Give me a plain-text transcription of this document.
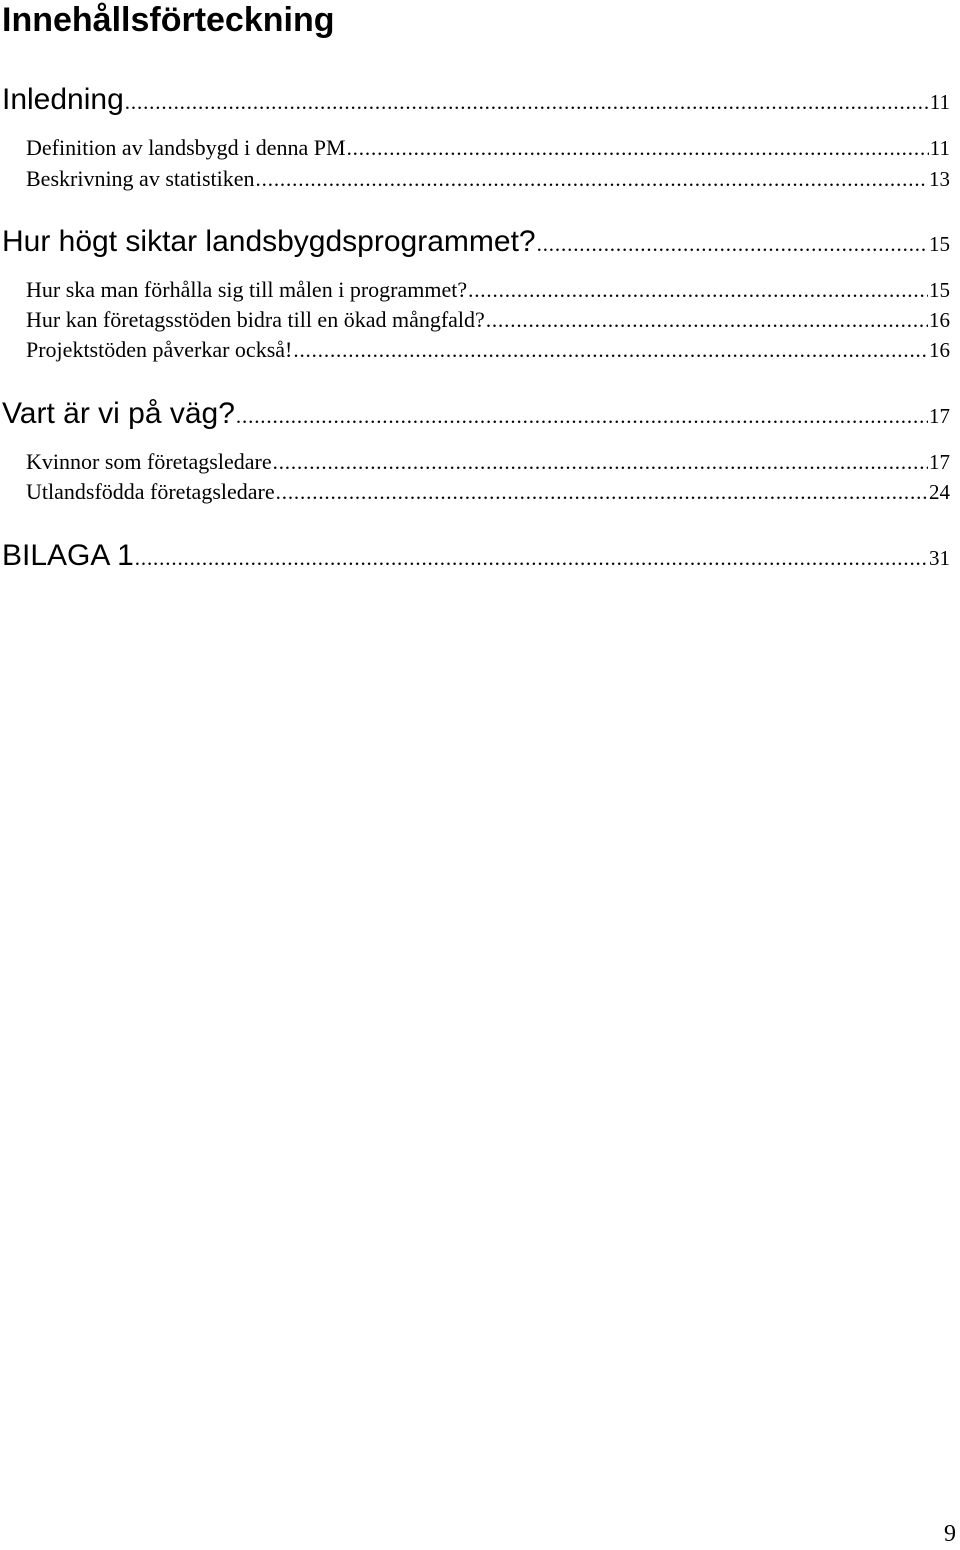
Innehållsförteckning
Inledning . . .	11
Definition av landsbygd i denna PM . . .	11
Beskrivning av statistiken . . .	13
Hur högt siktar landsbygdsprogrammet? . . .	15
Hur ska man förhålla sig till målen i programmet? . . .	15
Hur kan företagsstöden bidra till en ökad mångfald? . . .	16
Projektstöden påverkar också! . . .	16
Vart är vi på väg? . . .	17
Kvinnor som företagsledare . . .	17
Utlandsfödda företagsledare . . .	24
BILAGA 1 . . .	31
9
